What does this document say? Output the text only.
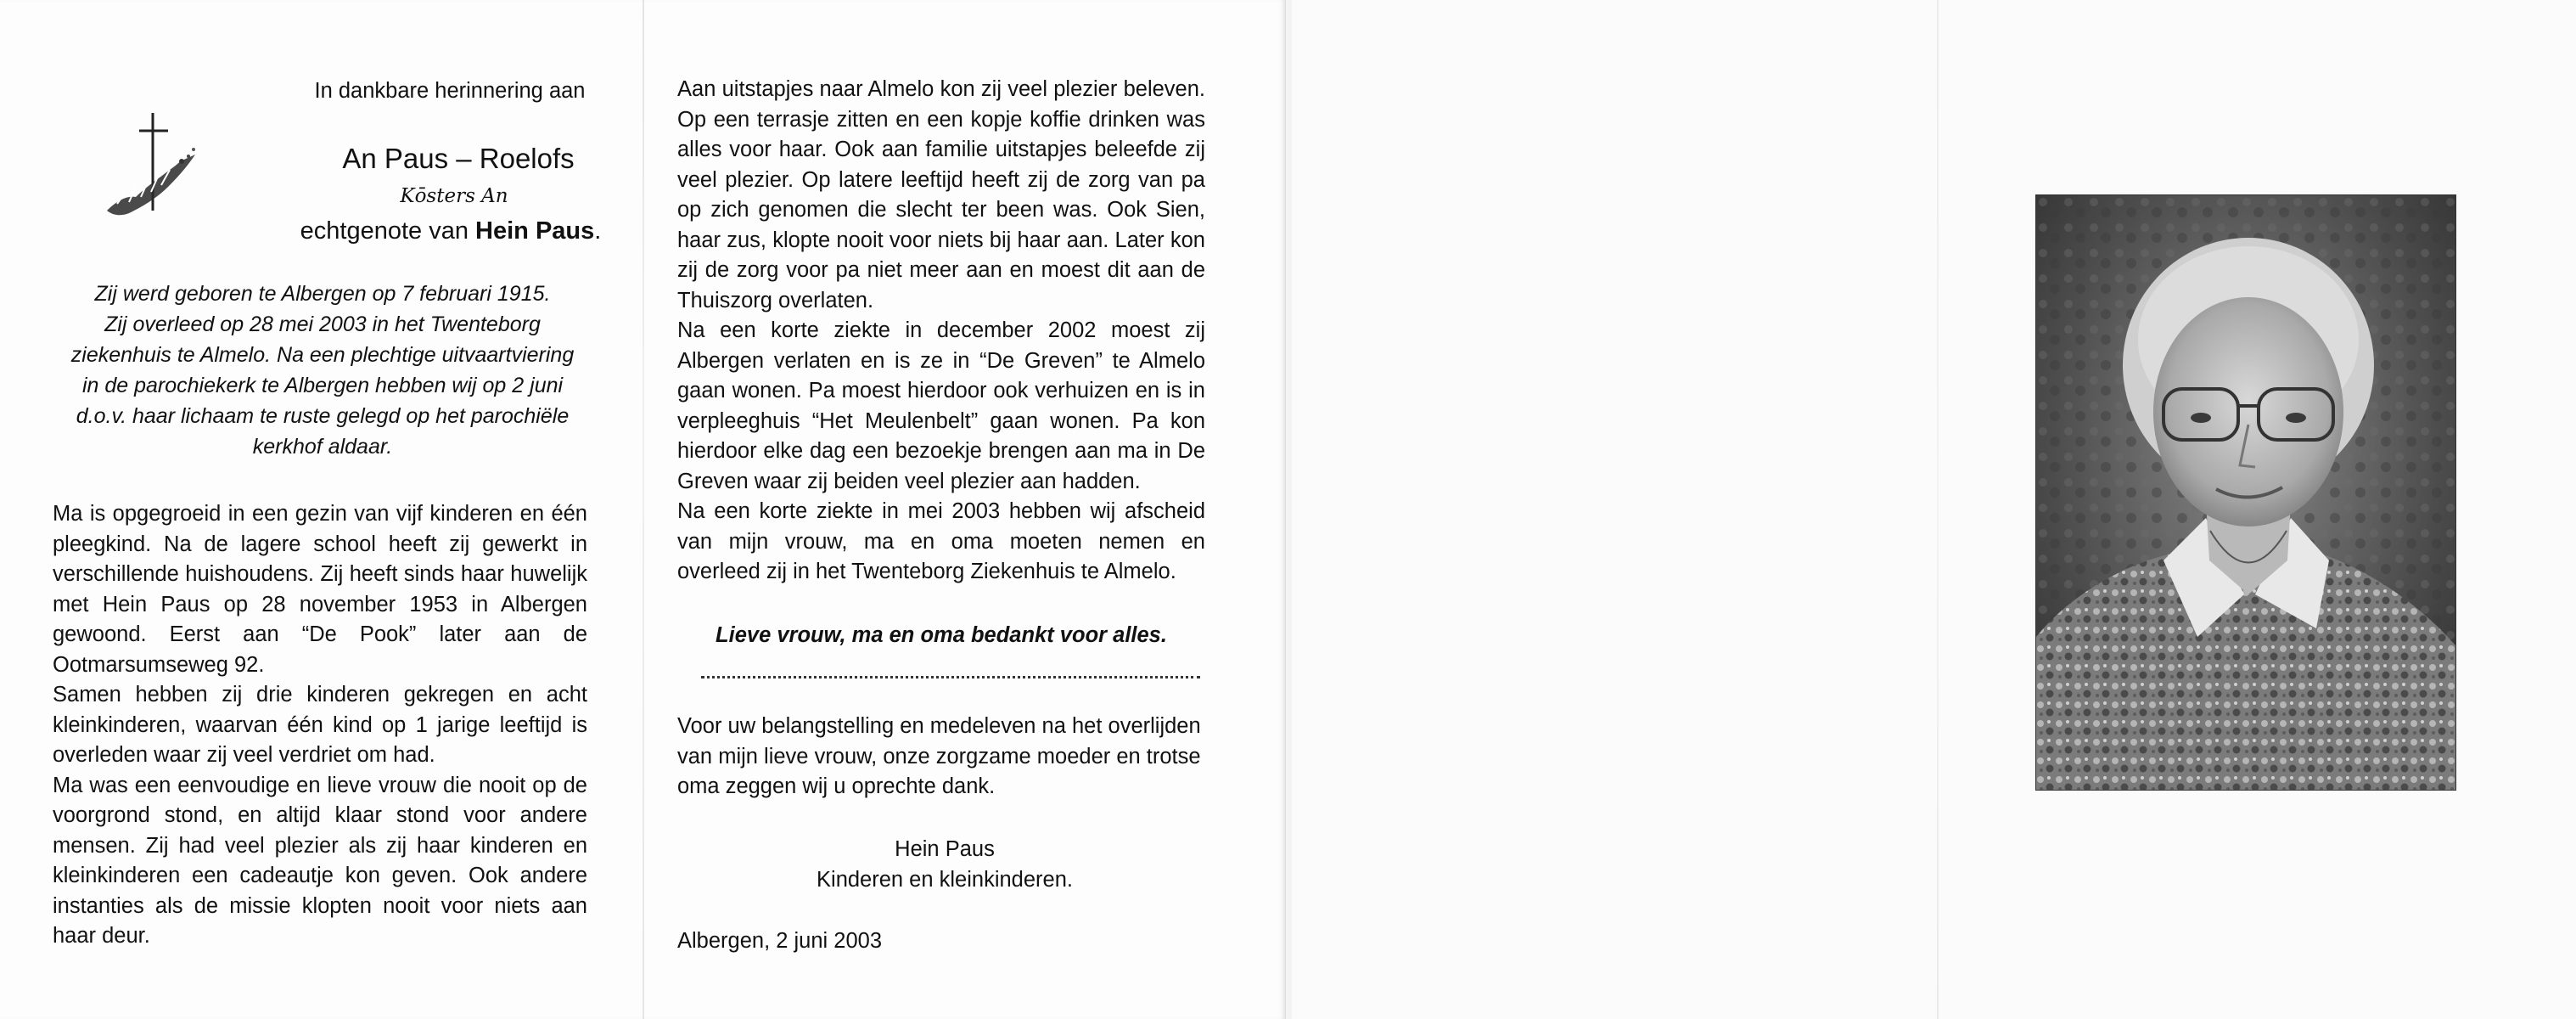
In dankbare herinnering aan
An Paus – Roelofs
Kōsters An
echtgenote van Hein Paus.
Zij werd geboren te Albergen op 7 februari 1915.
Zij overleed op 28 mei 2003 in het Twenteborg
ziekenhuis te Almelo. Na een plechtige uitvaartviering
in de parochiekerk te Albergen hebben wij op 2 juni
d.o.v. haar lichaam te ruste gelegd op het parochiële
kerkhof aldaar.

Ma is opgegroeid in een gezin van vijf kinderen en één pleegkind. Na de lagere school heeft zij gewerkt in verschillende huishoudens. Zij heeft sinds haar huwelijk met Hein Paus op 28 november 1953 in Albergen gewoond. Eerst aan “De Pook” later aan de Ootmarsumseweg 92.

Samen hebben zij drie kinderen gekregen en acht kleinkinderen, waarvan één kind op 1 jarige leeftijd is overleden waar zij veel verdriet om had.

Ma was een eenvoudige en lieve vrouw die nooit op de voorgrond stond, en altijd klaar stond voor andere mensen. Zij had veel plezier als zij haar kinderen en kleinkinderen een cadeautje kon geven. Ook andere instanties als de missie klopten nooit voor niets aan haar deur.

Aan uitstapjes naar Almelo kon zij veel plezier beleven. Op een terrasje zitten en een kopje koffie drinken was alles voor haar. Ook aan familie uitstapjes beleefde zij veel plezier. Op latere leeftijd heeft zij de zorg van pa op zich genomen die slecht ter been was. Ook Sien, haar zus, klopte nooit voor niets bij haar aan. Later kon zij de zorg voor pa niet meer aan en moest dit aan de Thuiszorg overlaten.

Na een korte ziekte in december 2002 moest zij Albergen verlaten en is ze in “De Greven” te Almelo gaan wonen. Pa moest hierdoor ook verhuizen en is in verpleeghuis “Het Meulenbelt” gaan wonen. Pa kon hierdoor elke dag een bezoekje brengen aan ma in De Greven waar zij beiden veel plezier aan hadden.

Na een korte ziekte in mei 2003 hebben wij afscheid van mijn vrouw, ma en oma moeten nemen en overleed zij in het Twenteborg Ziekenhuis te Almelo.

Lieve vrouw, ma en oma bedankt voor alles.
Voor uw belangstelling en medeleven na het overlijden
van mijn lieve vrouw, onze zorgzame moeder en trotse
oma zeggen wij u oprechte dank.
Hein Paus
Kinderen en kleinkinderen.
Albergen, 2 juni 2003
